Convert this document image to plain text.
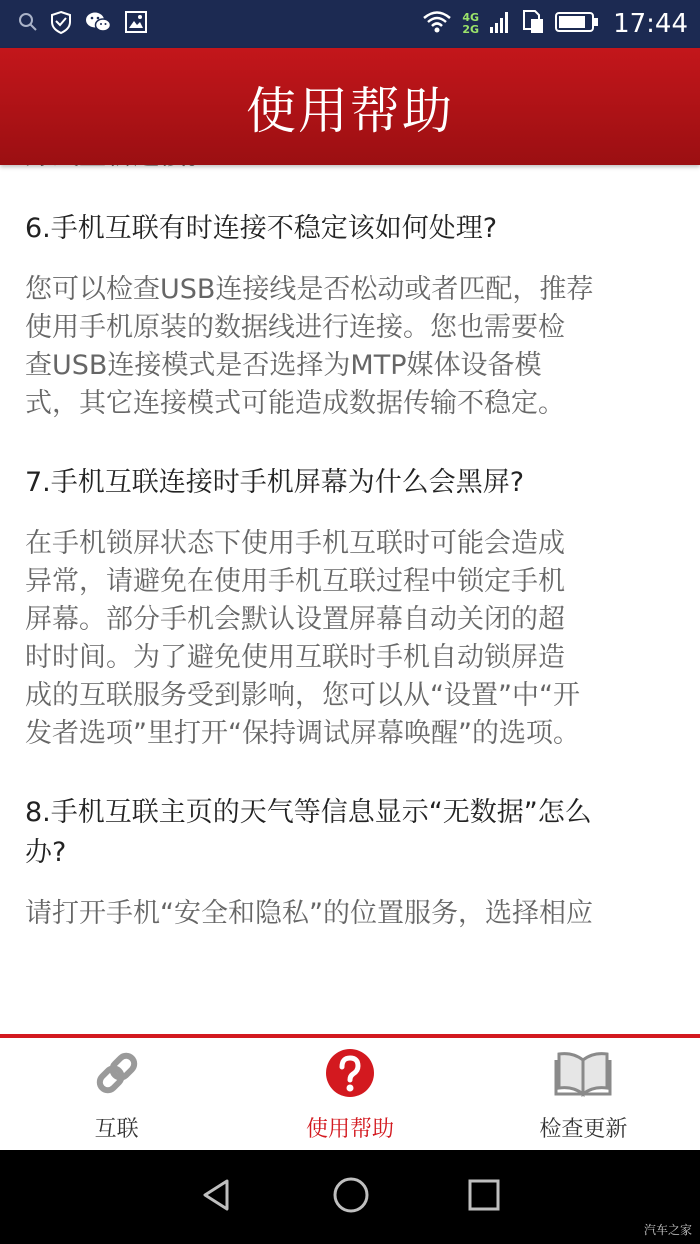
4G
2G	17:44
使用帮助
6.手机互联有时连接不稳定该如何处理?
您可以检查USB连接线是否松动或者匹配，推荐
使用手机原装的数据线进行连接。您也需要检
查USB连接模式是否选择为MTP媒体设备模
式，其它连接模式可能造成数据传输不稳定。
7.手机互联连接时手机屏幕为什么会黑屏?
在手机锁屏状态下使用手机互联时可能会造成
异常，请避免在使用手机互联过程中锁定手机
屏幕。部分手机会默认设置屏幕自动关闭的超
时时间。为了避免使用互联时手机自动锁屏造
成的互联服务受到影响，您可以从“设置”中“开
发者选项”里打开“保持调试屏幕唤醒”的选项。
8.手机互联主页的天气等信息显示“无数据”怎么
办?
请打开手机“安全和隐私”的位置服务，选择相应
互联	使用帮助	检查更新
汽车之家
